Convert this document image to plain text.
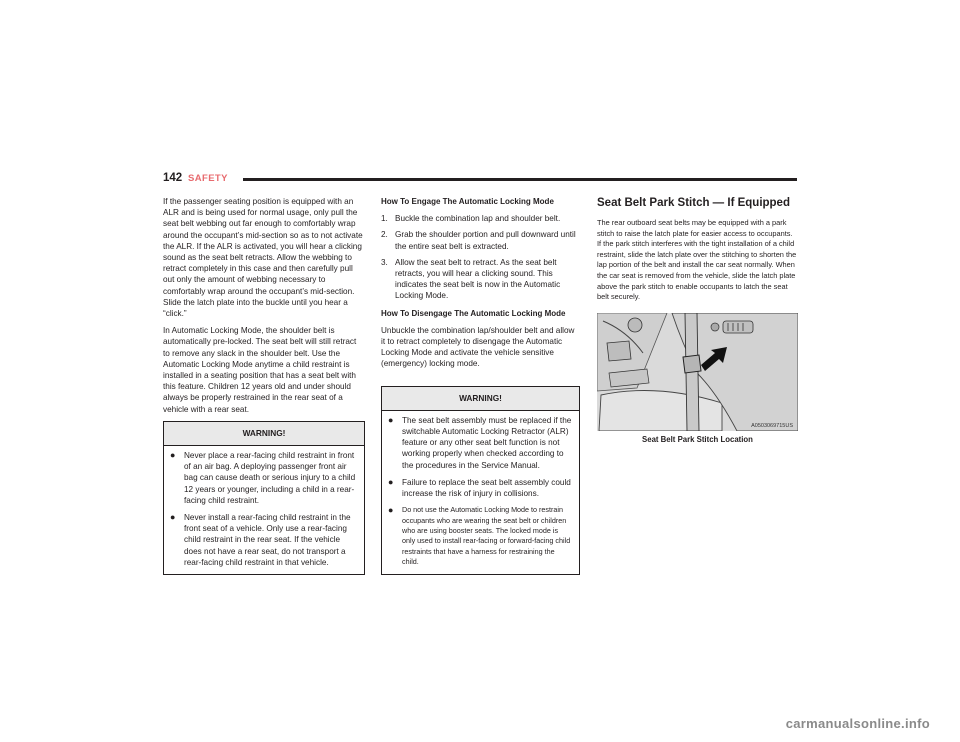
142 SAFETY

If the passenger seating position is equipped with an ALR and is being used for normal usage, only pull the seat belt webbing out far enough to comfortably wrap around the occupant’s mid-section so as to not activate the ALR. If the ALR is activated, you will hear a clicking sound as the seat belt retracts. Allow the webbing to retract completely in this case and then carefully pull out only the amount of webbing necessary to comfortably wrap around the occupant’s mid-section. Slide the latch plate into the buckle until you hear a “click.”

In Automatic Locking Mode, the shoulder belt is automatically pre-locked. The seat belt will still retract to remove any slack in the shoulder belt. Use the Automatic Locking Mode anytime a child restraint is installed in a seating position that has a seat belt with this feature. Children 12 years old and under should always be properly restrained in the rear seat of a vehicle with a rear seat.

WARNING!
● Never place a rear-facing child restraint in front of an air bag. A deploying passenger front air bag can cause death or serious injury to a child 12 years or younger, including a child in a rear-facing child restraint.
● Never install a rear-facing child restraint in the front seat of a vehicle. Only use a rear-facing child restraint in the rear seat. If the vehicle does not have a rear seat, do not transport a rear-facing child restraint in that vehicle.

How To Engage The Automatic Locking Mode

1. Buckle the combination lap and shoulder belt.
2. Grab the shoulder portion and pull downward until the entire seat belt is extracted.
3. Allow the seat belt to retract. As the seat belt retracts, you will hear a clicking sound. This indicates the seat belt is now in the Automatic Locking Mode.

How To Disengage The Automatic Locking Mode

Unbuckle the combination lap/shoulder belt and allow it to retract completely to disengage the Automatic Locking Mode and activate the vehicle sensitive (emergency) locking mode.

WARNING!
● The seat belt assembly must be replaced if the switchable Automatic Locking Retractor (ALR) feature or any other seat belt function is not working properly when checked according to the procedures in the Service Manual.
● Failure to replace the seat belt assembly could increase the risk of injury in collisions.
● Do not use the Automatic Locking Mode to restrain occupants who are wearing the seat belt or children who are using booster seats. The locked mode is only used to install rear-facing or forward-facing child restraints that have a harness for restraining the child.
Seat Belt Park Stitch — If Equipped

The rear outboard seat belts may be equipped with a park stitch to raise the latch plate for easier access to occupants. If the park stitch interferes with the tight installation of a child restraint, slide the latch plate over the stitching to shorten the lap portion of the belt and install the car seat normally. When the car seat is removed from the vehicle, slide the latch plate above the park stitch to enable occupants to latch the seat belt securely.

A0503069715US
Seat Belt Park Stitch Location
carmanualsonline.info
